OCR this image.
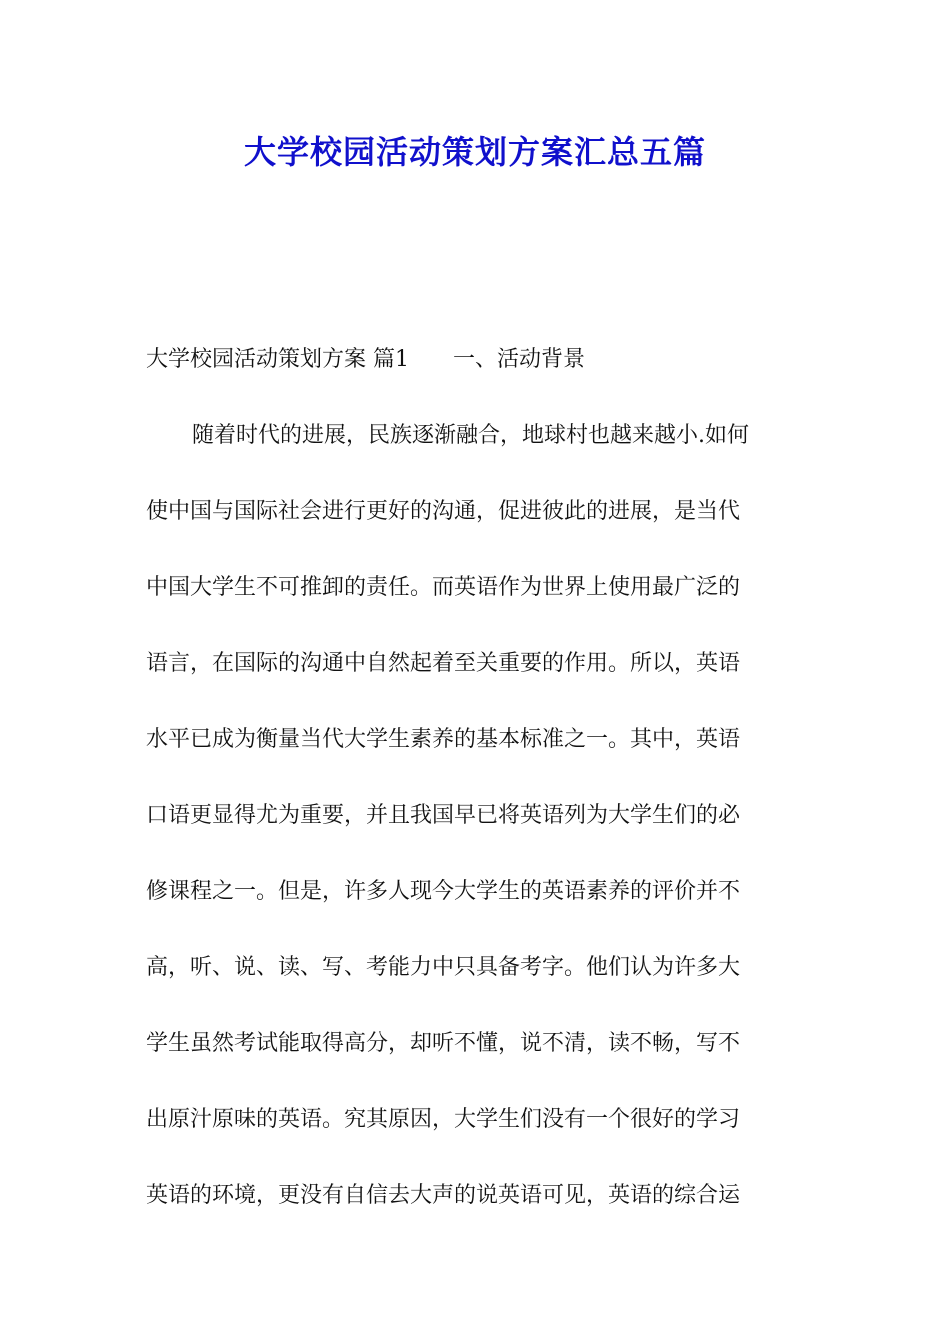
大学校园活动策划方案汇总五篇
大学校园活动策划方案 篇1 一、活动背景
随着时代的进展，民族逐渐融合，地球村也越来越小.如何
使中国与国际社会进行更好的沟通，促进彼此的进展，是当代
中国大学生不可推卸的责任。而英语作为世界上使用最广泛的
语言，在国际的沟通中自然起着至关重要的作用。所以，英语
水平已成为衡量当代大学生素养的基本标准之一。其中，英语
口语更显得尤为重要，并且我国早已将英语列为大学生们的必
修课程之一。但是，许多人现今大学生的英语素养的评价并不
高，听、说、读、写、考能力中只具备考字。他们认为许多大
学生虽然考试能取得高分，却听不懂，说不清，读不畅，写不
出原汁原味的英语。究其原因，大学生们没有一个很好的学习
英语的环境，更没有自信去大声的说英语可见，英语的综合运
